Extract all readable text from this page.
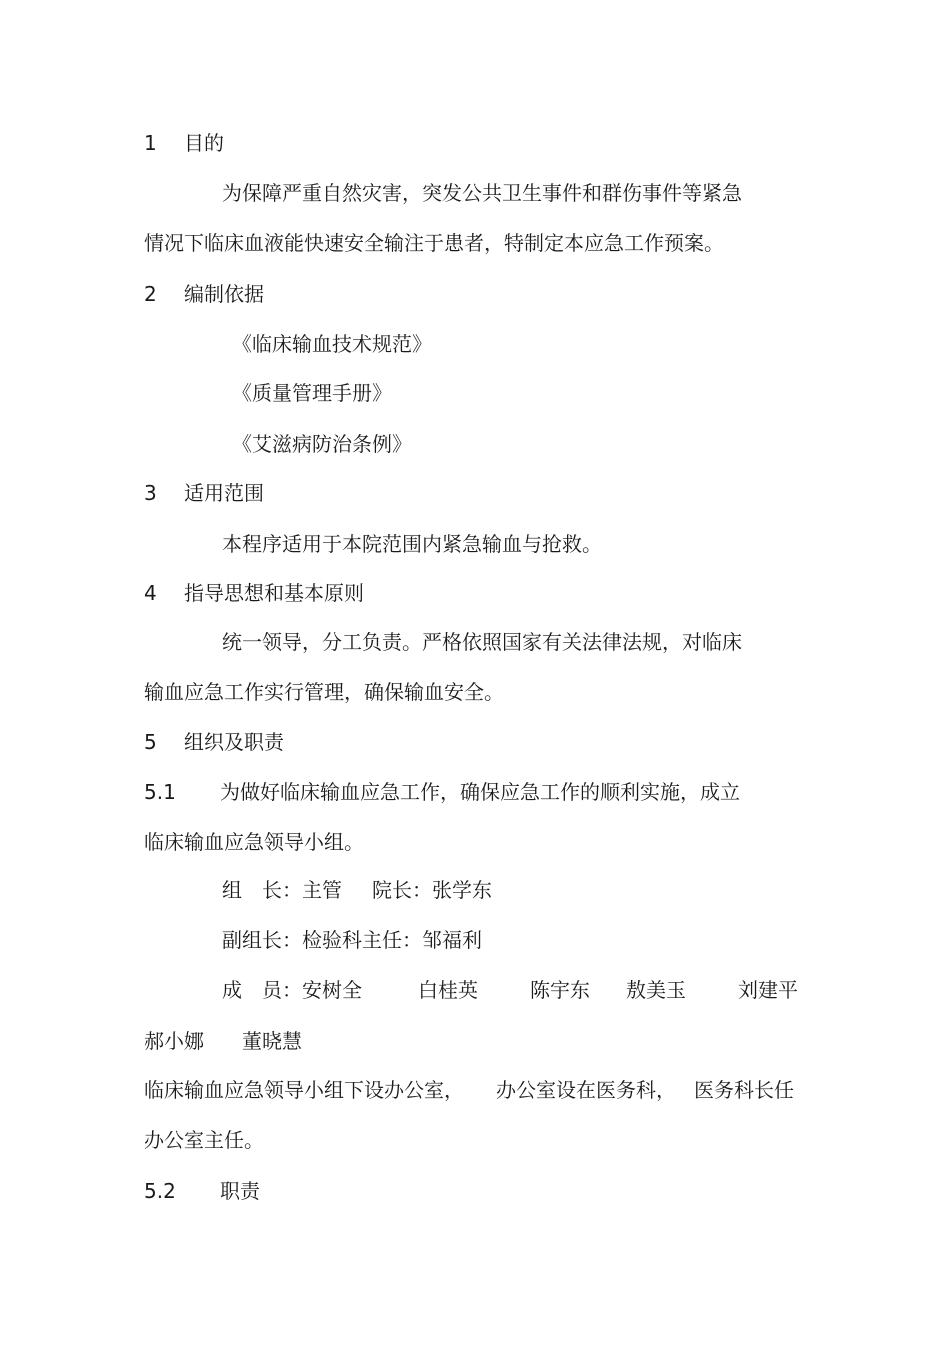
1 目的
为保障严重自然灾害，突发公共卫生事件和群伤事件等紧急
情况下临床血液能快速安全输注于患者，特制定本应急工作预案。
2 编制依据
《临床输血技术规范》
《质量管理手册》
《艾滋病防治条例》
3 适用范围
本程序适用于本院范围内紧急输血与抢救。
4 指导思想和基本原则
统一领导，分工负责。严格依照国家有关法律法规，对临床
输血应急工作实行管理，确保输血安全。
5 组织及职责
5.1 为做好临床输血应急工作，确保应急工作的顺利实施，成立
临床输血应急领导小组。
组　长：主管 院长：张学东
副组长：检验科主任：邹福利
成　员：安树全	白桂英	陈宇东 敖美玉	刘建平
郝小娜 董晓慧
临床输血应急领导小组下设办公室， 办公室设在医务科， 医务科长任
办公室主任。
5.2 职责
